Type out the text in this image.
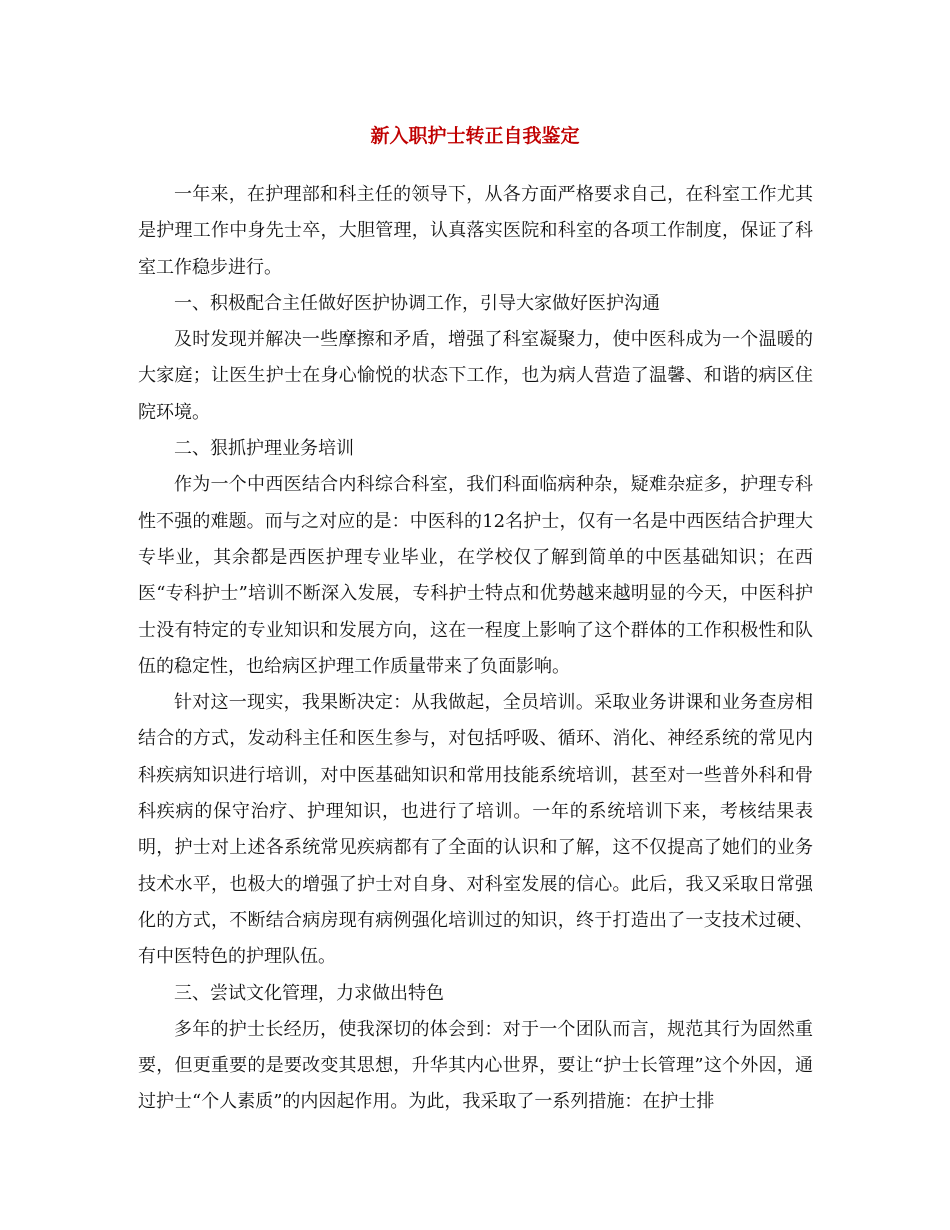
新入职护士转正自我鉴定

一年来，在护理部和科主任的领导下，从各方面严格要求自己，在科室工作尤其是护理工作中身先士卒，大胆管理，认真落实医院和科室的各项工作制度，保证了科室工作稳步进行。

一、积极配合主任做好医护协调工作，引导大家做好医护沟通

及时发现并解决一些摩擦和矛盾，增强了科室凝聚力，使中医科成为一个温暖的大家庭；让医生护士在身心愉悦的状态下工作，也为病人营造了温馨、和谐的病区住院环境。

二、狠抓护理业务培训

作为一个中西医结合内科综合科室，我们科面临病种杂，疑难杂症多，护理专科性不强的难题。而与之对应的是：中医科的12名护士，仅有一名是中西医结合护理大专毕业，其余都是西医护理专业毕业，在学校仅了解到简单的中医基础知识；在西医“专科护士”培训不断深入发展，专科护士特点和优势越来越明显的今天，中医科护士没有特定的专业知识和发展方向，这在一程度上影响了这个群体的工作积极性和队伍的稳定性，也给病区护理工作质量带来了负面影响。

针对这一现实，我果断决定：从我做起，全员培训。采取业务讲课和业务查房相结合的方式，发动科主任和医生参与，对包括呼吸、循环、消化、神经系统的常见内科疾病知识进行培训，对中医基础知识和常用技能系统培训，甚至对一些普外科和骨科疾病的保守治疗、护理知识，也进行了培训。一年的系统培训下来，考核结果表明，护士对上述各系统常见疾病都有了全面的认识和了解，这不仅提高了她们的业务技术水平，也极大的增强了护士对自身、对科室发展的信心。此后，我又采取日常强化的方式，不断结合病房现有病例强化培训过的知识，终于打造出了一支技术过硬、有中医特色的护理队伍。

三、尝试文化管理，力求做出特色

多年的护士长经历，使我深切的体会到：对于一个团队而言，规范其行为固然重要，但更重要的是要改变其思想，升华其内心世界，要让“护士长管理”这个外因，通过护士“个人素质”的内因起作用。为此，我采取了一系列措施：在护士排
